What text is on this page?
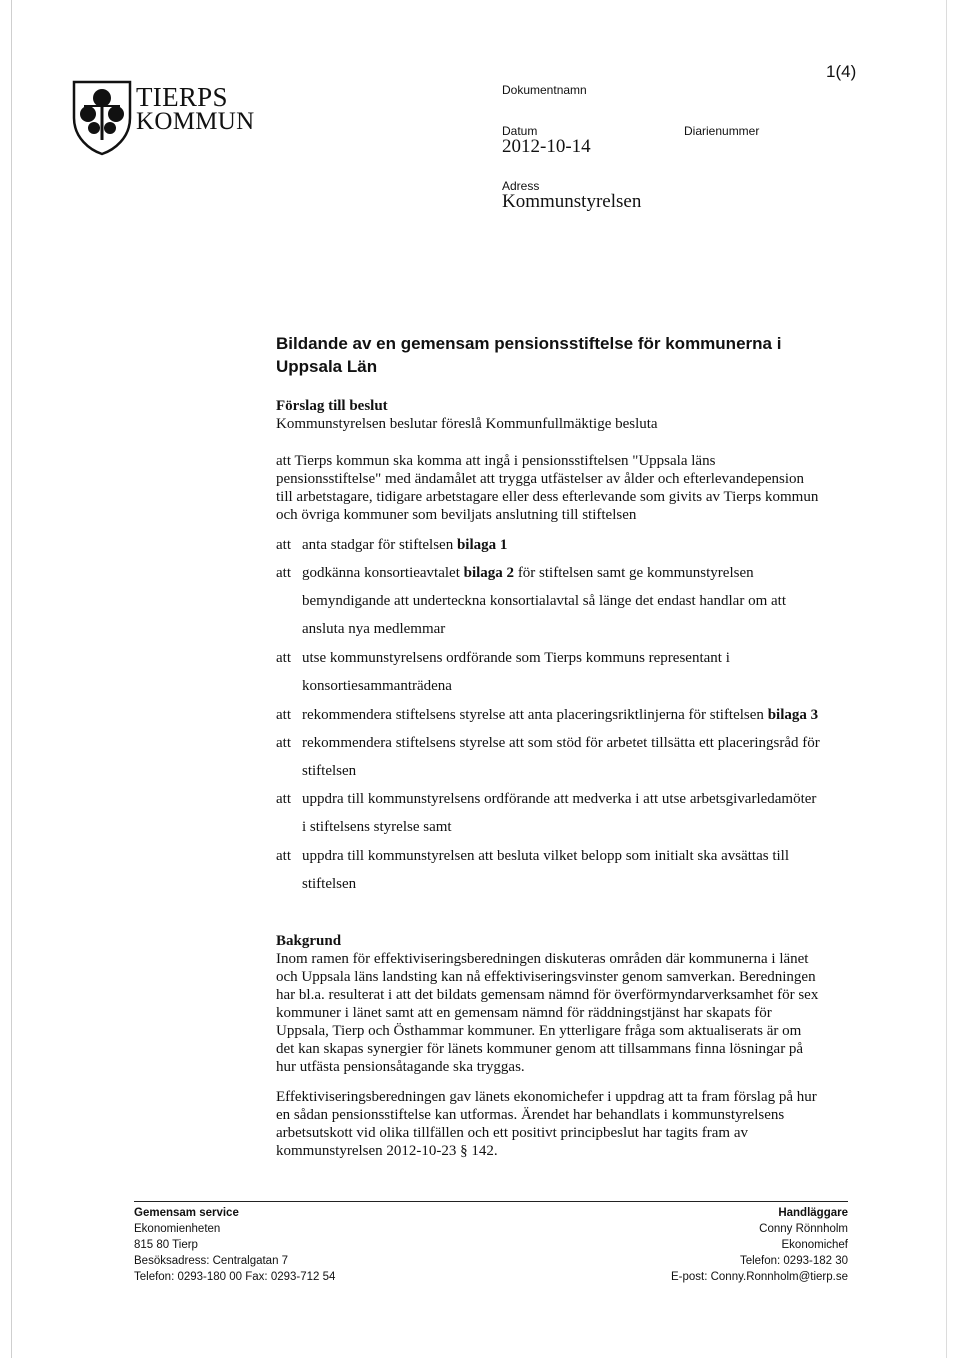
TIERPS
KOMMUN
1(4)
Dokumentnamn
Datum
2012-10-14
Diarienummer
Adress
Kommunstyrelsen
Bildande av en gemensam pensionsstiftelse för kommunerna i
Uppsala Län
Förslag till beslut
Kommunstyrelsen beslutar föreslå Kommunfullmäktige besluta
att Tierps kommun ska komma att ingå i pensionsstiftelsen "Uppsala läns
pensionsstiftelse" med ändamålet att trygga utfästelser av ålder och efterlevandepension
till arbetstagare, tidigare arbetstagare eller dess efterlevande som givits av Tierps kommun
och övriga kommuner som beviljats anslutning till stiftelsen
att anta stadgar för stiftelsen bilaga 1
att godkänna konsortieavtalet bilaga 2 för stiftelsen samt ge kommunstyrelsen
bemyndigande att underteckna konsortialavtal så länge det endast handlar om att
ansluta nya medlemmar
att utse kommunstyrelsens ordförande som Tierps kommuns representant i
konsortiesammanträdena
att rekommendera stiftelsens styrelse att anta placeringsriktlinjerna för stiftelsen bilaga 3
att rekommendera stiftelsens styrelse att som stöd för arbetet tillsätta ett placeringsråd för
stiftelsen
att uppdra till kommunstyrelsens ordförande att medverka i att utse arbetsgivarledamöter
i stiftelsens styrelse samt
att uppdra till kommunstyrelsen att besluta vilket belopp som initialt ska avsättas till
stiftelsen
Bakgrund
Inom ramen för effektiviseringsberedningen diskuteras områden där kommunerna i länet
och Uppsala läns landsting kan nå effektiviseringsvinster genom samverkan. Beredningen
har bl.a. resulterat i att det bildats gemensam nämnd för överförmyndarverksamhet för sex
kommuner i länet samt att en gemensam nämnd för räddningstjänst har skapats för
Uppsala, Tierp och Östhammar kommuner. En ytterligare fråga som aktualiserats är om
det kan skapas synergier för länets kommuner genom att tillsammans finna lösningar på
hur utfästa pensionsåtagande ska tryggas.
Effektiviseringsberedningen gav länets ekonomichefer i uppdrag att ta fram förslag på hur
en sådan pensionsstiftelse kan utformas. Ärendet har behandlats i kommunstyrelsens
arbetsutskott vid olika tillfällen och ett positivt principbeslut har tagits fram av
kommunstyrelsen 2012-10-23 § 142.
Gemensam service
Ekonomienheten
815 80 Tierp
Besöksadress: Centralgatan 7
Telefon: 0293-180 00 Fax: 0293-712 54
Handläggare
Conny Rönnholm
Ekonomichef
Telefon: 0293-182 30
E-post: Conny.Ronnholm@tierp.se
